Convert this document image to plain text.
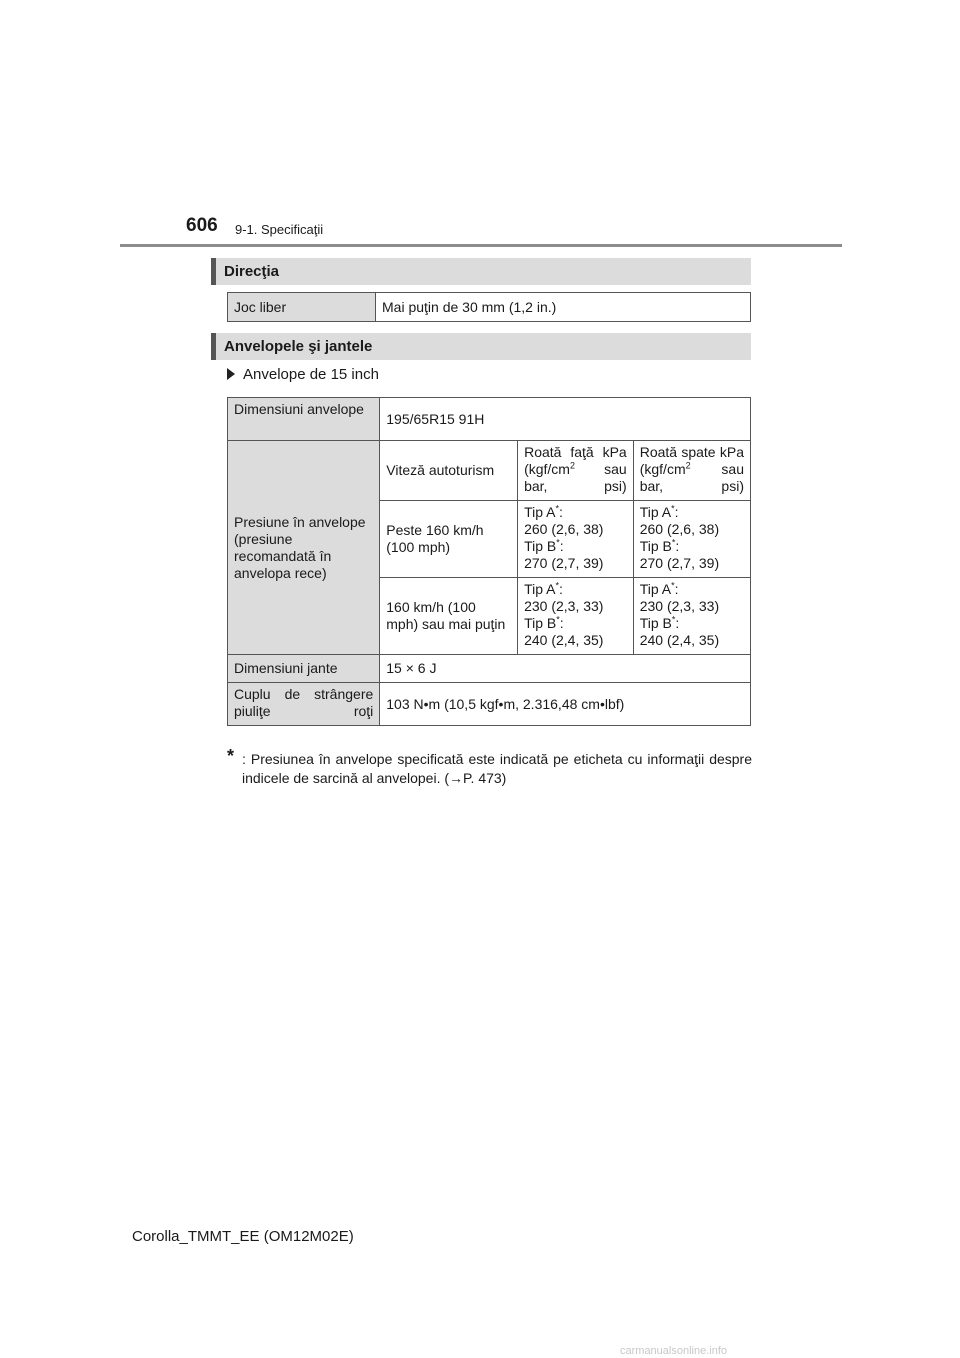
606 9-1. Specificaţii
Direcţia
Joc liber	Mai puţin de 30 mm (1,2 in.)
Anvelopele şi jantele
Anvelope de 15 inch
Dimensiuni anvelope	195/65R15 91H		
Presiune în anvelope (presiune recomandată în anvelopa rece)	Viteză autoturism	Roată faţă kPa ($kgf/cm^2$ sau bar, psi)	Roată spate kPa ($kgf/cm^2$ sau bar, psi)
	Peste 160 km/h (100 mph)	Tip A*:
260 (2,6, 38)
Tip B*:
270 (2,7, 39)	Tip A*:
260 (2,6, 38)
Tip B*:
270 (2,7, 39)
	160 km/h (100 mph) sau mai puţin	Tip A*:
230 (2,3, 33)
Tip B*:
240 (2,4, 35)	Tip A*:
230 (2,3, 33)
Tip B*:
240 (2,4, 35)
Dimensiuni jante	15 × 6 J		
Cuplu de strângere piuliţe roţi	103 N•m (10,5 kgf•m, 2.316,48 cm•lbf)		
* : Presiunea în anvelope specificată este indicată pe eticheta cu informaţii despre indicele de sarcină al anvelopei. (→P. 473)
Corolla_TMMT_EE (OM12M02E)
carmanualsonline.info
